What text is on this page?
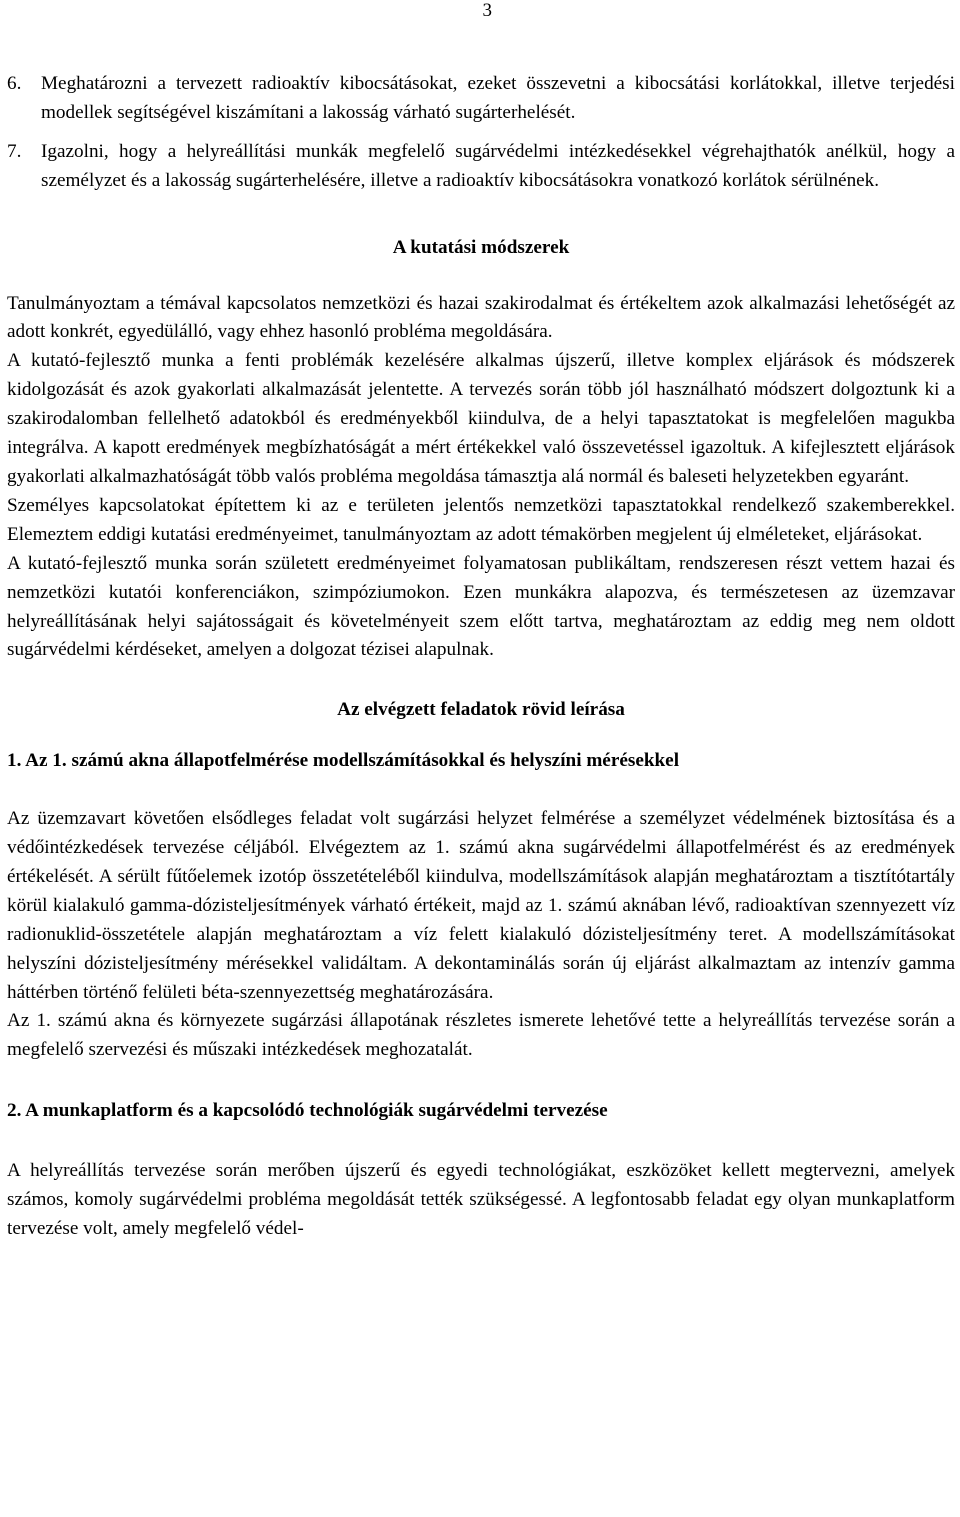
3
6. Meghatározni a tervezett radioaktív kibocsátásokat, ezeket összevetni a kibocsátási korlátokkal, illetve terjedési modellek segítségével kiszámítani a lakosság várható sugárterhelését.
7. Igazolni, hogy a helyreállítási munkák megfelelő sugárvédelmi intézkedésekkel végrehajthatók anélkül, hogy a személyzet és a lakosság sugárterhelésére, illetve a radioaktív kibocsátásokra vonatkozó korlátok sérülnének.
A kutatási módszerek

Tanulmányoztam a témával kapcsolatos nemzetközi és hazai szakirodalmat és értékeltem azok alkalmazási lehetőségét az adott konkrét, egyedülálló, vagy ehhez hasonló probléma megoldására.

A kutató-fejlesztő munka a fenti problémák kezelésére alkalmas újszerű, illetve komplex eljárások és módszerek kidolgozását és azok gyakorlati alkalmazását jelentette. A tervezés során több jól használható módszert dolgoztunk ki a szakirodalomban fellelhető adatokból és eredményekből kiindulva, de a helyi tapasztatokat is megfelelően magukba integrálva. A kapott eredmények megbízhatóságát a mért értékekkel való összevetéssel igazoltuk. A kifejlesztett eljárások gyakorlati alkalmazhatóságát több valós probléma megoldása támasztja alá normál és baleseti helyzetekben egyaránt.

Személyes kapcsolatokat építettem ki az e területen jelentős nemzetközi tapasztatokkal rendelkező szakemberekkel. Elemeztem eddigi kutatási eredményeimet, tanulmányoztam az adott témakörben megjelent új elméleteket, eljárásokat.

A kutató-fejlesztő munka során született eredményeimet folyamatosan publikáltam, rendszeresen részt vettem hazai és nemzetközi kutatói konferenciákon, szimpóziumokon. Ezen munkákra alapozva, és természetesen az üzemzavar helyreállításának helyi sajátosságait és követelményeit szem előtt tartva, meghatároztam az eddig meg nem oldott sugárvédelmi kérdéseket, amelyen a dolgozat tézisei alapulnak.

Az elvégzett feladatok rövid leírása
1. Az 1. számú akna állapotfelmérése modellszámításokkal és helyszíni mérésekkel

Az üzemzavart követően elsődleges feladat volt sugárzási helyzet felmérése a személyzet védelmének biztosítása és a védőintézkedések tervezése céljából. Elvégeztem az 1. számú akna sugárvédelmi állapotfelmérést és az eredmények értékelését. A sérült fűtőelemek izotóp összetételéből kiindulva, modellszámítások alapján meghatároztam a tisztítótartály körül kialakuló gamma-dózisteljesítmények várható értékeit, majd az 1. számú aknában lévő, radioaktívan szennyezett víz radionuklid-összetétele alapján meghatároztam a víz felett kialakuló dózisteljesítmény teret. A modellszámításokat helyszíni dózisteljesítmény mérésekkel validáltam. A dekontaminálás során új eljárást alkalmaztam az intenzív gamma háttérben történő felületi béta-szennyezettség meghatározására.

Az 1. számú akna és környezete sugárzási állapotának részletes ismerete lehetővé tette a helyreállítás tervezése során a megfelelő szervezési és műszaki intézkedések meghozatalát.

2. A munkaplatform és a kapcsolódó technológiák sugárvédelmi tervezése

A helyreállítás tervezése során merőben újszerű és egyedi technológiákat, eszközöket kellett megtervezni, amelyek számos, komoly sugárvédelmi probléma megoldását tették szükségessé. A legfontosabb feladat egy olyan munkaplatform tervezése volt, amely megfelelő védel-
